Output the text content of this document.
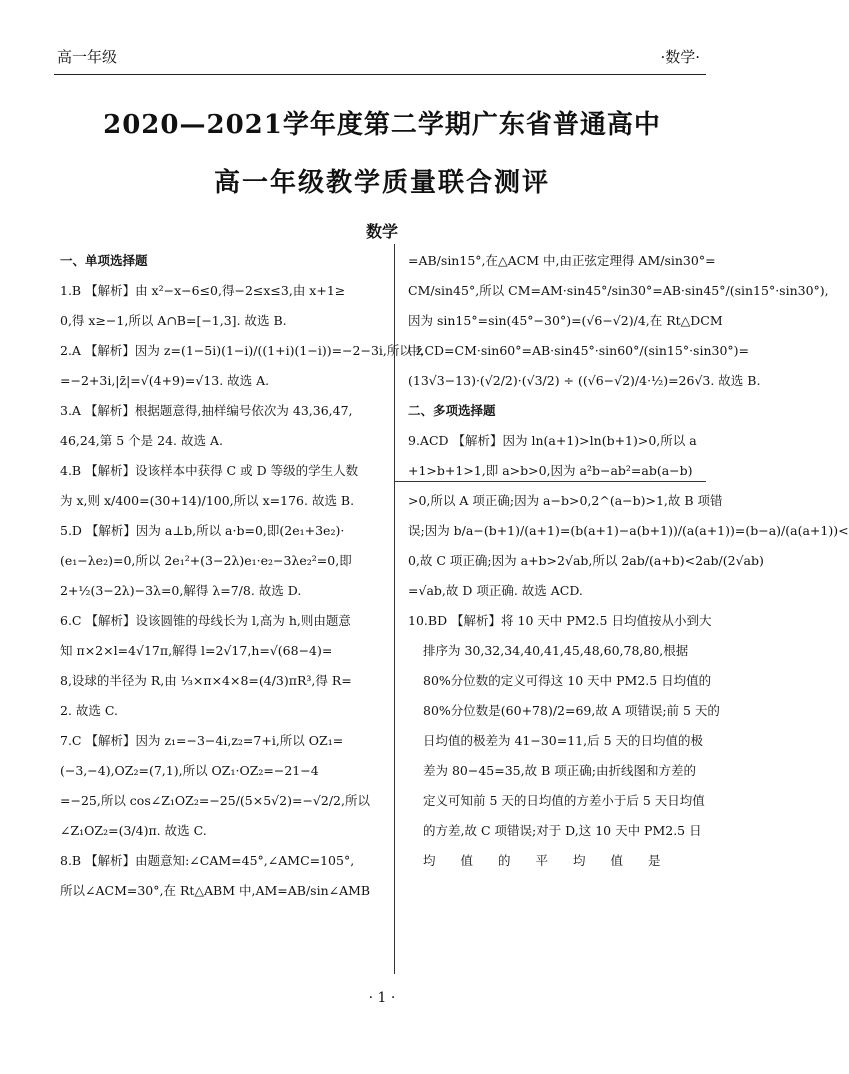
高一年级	·数学·
2020—2021学年度第二学期广东省普通高中
高一年级教学质量联合测评
数学
一、单项选择题
1.B 【解析】由 x²−x−6≤0,得−2≤x≤3,由 x+1≥
0,得 x≥−1,所以 A∩B=[−1,3]. 故选 B.
2.A 【解析】因为 z=(1−5i)(1−i)/((1+i)(1−i))=−2−3i,所以 z̄
=−2+3i,|z̄|=√(4+9)=√13. 故选 A.
3.A 【解析】根据题意得,抽样编号依次为 43,36,47,
46,24,第 5 个是 24. 故选 A.
4.B 【解析】设该样本中获得 C 或 D 等级的学生人数
为 x,则 x/400=(30+14)/100,所以 x=176. 故选 B.
5.D 【解析】因为 a⊥b,所以 a·b=0,即(2e₁+3e₂)·
(e₁−λe₂)=0,所以 2e₁²+(3−2λ)e₁·e₂−3λe₂²=0,即
2+½(3−2λ)−3λ=0,解得 λ=7/8. 故选 D.
6.C 【解析】设该圆锥的母线长为 l,高为 h,则由题意
知 π×2×l=4√17π,解得 l=2√17,h=√(68−4)=
8,设球的半径为 R,由 ⅓×π×4×8=(4/3)πR³,得 R=
2. 故选 C.
7.C 【解析】因为 z₁=−3−4i,z₂=7+i,所以 OZ₁=
(−3,−4),OZ₂=(7,1),所以 OZ₁·OZ₂=−21−4
=−25,所以 cos∠Z₁OZ₂=−25/(5×5√2)=−√2/2,所以
∠Z₁OZ₂=(3/4)π. 故选 C.
8.B 【解析】由题意知:∠CAM=45°,∠AMC=105°,
所以∠ACM=30°,在 Rt△ABM 中,AM=AB/sin∠AMB
=AB/sin15°,在△ACM 中,由正弦定理得 AM/sin30°=
CM/sin45°,所以 CM=AM·sin45°/sin30°=AB·sin45°/(sin15°·sin30°),
因为 sin15°=sin(45°−30°)=(√6−√2)/4,在 Rt△DCM
中,CD=CM·sin60°=AB·sin45°·sin60°/(sin15°·sin30°)=
(13√3−13)·(√2/2)·(√3/2) ÷ ((√6−√2)/4·½)=26√3. 故选 B.
二、多项选择题
9.ACD 【解析】因为 ln(a+1)>ln(b+1)>0,所以 a
+1>b+1>1,即 a>b>0,因为 a²b−ab²=ab(a−b)
>0,所以 A 项正确;因为 a−b>0,2^(a−b)>1,故 B 项错
误;因为 b/a−(b+1)/(a+1)=(b(a+1)−a(b+1))/(a(a+1))=(b−a)/(a(a+1))<
0,故 C 项正确;因为 a+b>2√ab,所以 2ab/(a+b)<2ab/(2√ab)
=√ab,故 D 项正确. 故选 ACD.
10.BD 【解析】将 10 天中 PM2.5 日均值按从小到大
排序为 30,32,34,40,41,45,48,60,78,80,根据
80%分位数的定义可得这 10 天中 PM2.5 日均值的
80%分位数是(60+78)/2=69,故 A 项错误;前 5 天的
日均值的极差为 41−30=11,后 5 天的日均值的极
差为 80−45=35,故 B 项正确;由折线图和方差的
定义可知前 5 天的日均值的方差小于后 5 天日均值
的方差,故 C 项错误;对于 D,这 10 天中 PM2.5 日
均　　值　　的　　平　　均　　值　　是
· 1 ·
